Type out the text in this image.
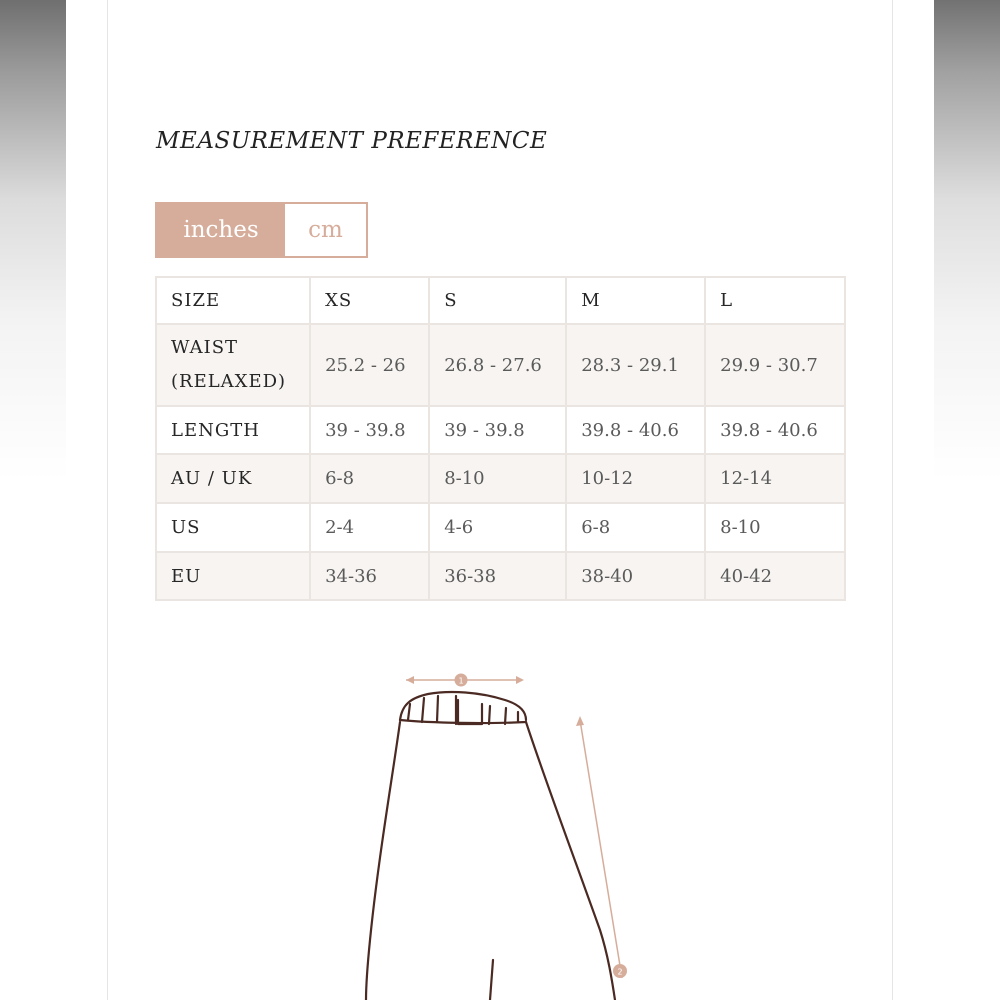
MEASUREMENT PREFERENCE
inches	cm
SIZE	XS	S	M	L
WAIST
(RELAXED)	25.2 - 26	26.8 - 27.6	28.3 - 29.1	29.9 - 30.7
LENGTH	39 - 39.8	39 - 39.8	39.8 - 40.6	39.8 - 40.6
AU / UK	6-8	8-10	10-12	12-14
US	2-4	4-6	6-8	8-10
EU	34-36	36-38	38-40	40-42
1
2
